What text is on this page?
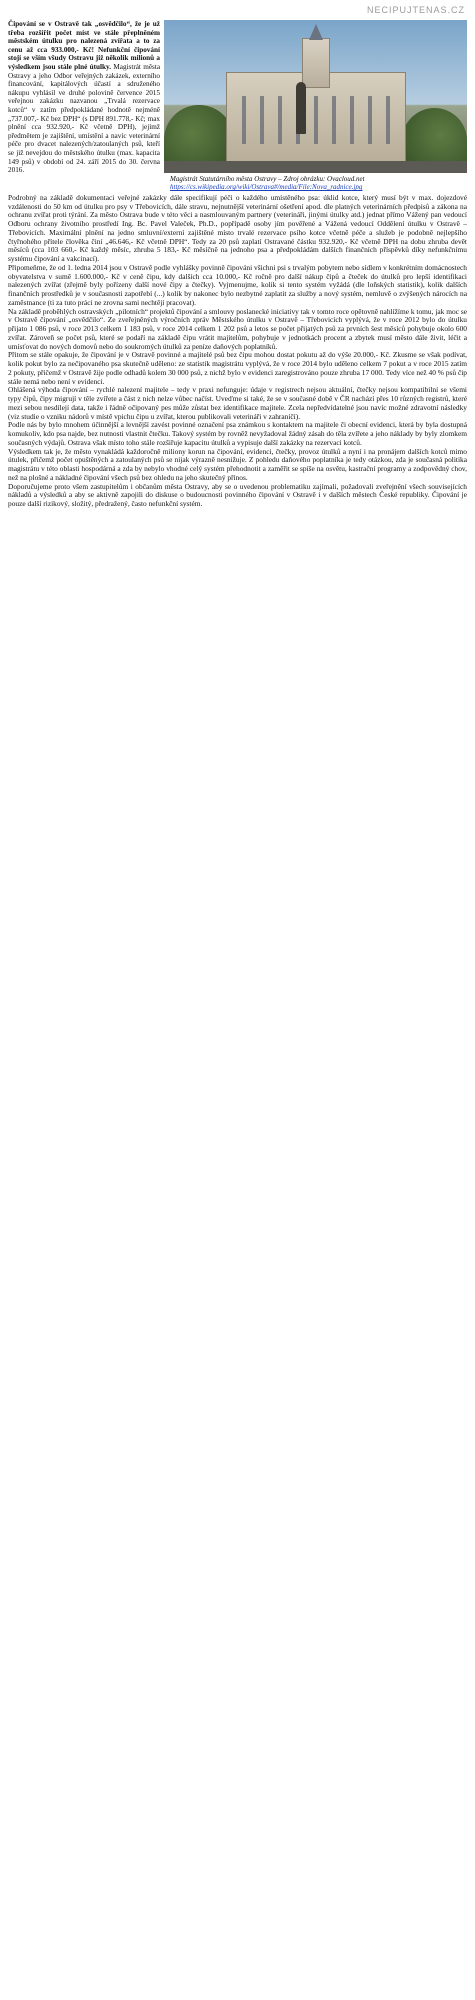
NECIPUJTENAS.CZ
Čipování se v Ostravě tak „osvědčilo“, že je už třeba rozšířit počet míst ve stále přeplněném městském útulku pro nalezená zvířata a to za cenu až cca 933.000,- Kč! Nefunkční čipování stojí se vším všudy Ostravu již několik milionů a výsledkem jsou stále plné útulky. Magistrát města Ostravy a jeho Odbor veřejných zakázek, externího financování, kapitálových účastí a sdruženého nákupu vyhlásil ve druhé polovině července 2015 veřejnou zakázku nazvanou „Trvalá rezervace kotců“ v zatím předpokládané hodnotě nejméně „737.007,- Kč bez DPH“ (s DPH 891.778,- Kč; max plnění cca 932.920,- Kč včetně DPH), jejímž předmětem je zajištění, umístění a navíc veterinární péče pro dvacet nalezených/zatoulaných psů, kteří se již nevejdou do městského útulku (max. kapacita 149 psů) v období od 24. září 2015 do 30. června 2016.
Magistrát Statutárního města Ostravy – Zdroj obrázku: Ovacloud.net
https://cs.wikipedia.org/wiki/Ostrava#/media/File:Nova_radnice.jpg

Podrobný na základě dokumentaci veřejné zakázky dále specifikují péči o každého umístěného psa: úklid kotce, který musí být v max. dojezdové vzdálenosti do 50 km od útulku pro psy v Třebovicích, dále stravu, nejnutnější veterinární ošetření apod. dle platných veterinárních předpisů a zákona na ochranu zvířat proti týrání. Za město Ostrava bude v této věci a nasmlouvaným partnery (veterináři, jinými útulky atd.) jednat přímo Vážený pan vedoucí Odboru ochrany životního prostředí Ing. Bc. Pavel Valeček, Ph.D., popřípadě osoby jím pověřené a Vážená vedoucí Oddělení útulku v Ostravě – Třebovicích. Maximální plnění na jedno smluvní/externí zajištěné místo trvalé rezervace psího kotce včetně péče a služeb je podobně nejlepšího čtyřnohého přítele člověka činí „46.646,- Kč včetně DPH“. Tedy za 20 psů zaplatí Ostravané částku 932.920,- Kč včetně DPH na dobu zhruba devět měsíců (cca 103 660,- Kč každý měsíc, zhruba 5 183,- Kč měsíčně na jednoho psa a předpokládám dalších finančních příspěvků díky nefunkčnímu systému čipování a vakcinací).

Připomeňme, že od 1. ledna 2014 jsou v Ostravě podle vyhlášky povinně čipováni všichni psi s trvalým pobytem nebo sídlem v konkrétním domácnostech obyvatelstva v sumě 1.600.000,- Kč v ceně čipu, kdy dalších cca 10.000,- Kč ročně pro další nákup čipů a čteček do útulků pro lepší identifikaci nalezených zvířat (zřejmě byly pořízeny další nové čipy a čtečky). Vyjmenujme, kolik si tento systém vyžádá (dle loňských statistik), kolik dalších finančních prostředků je v současnosti zapotřebí (...) kolik by nakonec bylo nezbytné zaplatit za služby a nový systém, nemluvě o zvýšených nárocích na zaměstnance (ti za tuto práci ne zrovna sami nechtějí pracovat).

Na základě proběhlých ostravských „pilotních“ projektů čipování a smlouvy poslanecké iniciativy tak v tomto roce opětovně nahlížíme k tomu, jak moc se v Ostravě čipování „osvědčilo“. Ze zveřejněných výročních zpráv Městského útulku v Ostravě – Třebovicích vyplývá, že v roce 2012 bylo do útulku přijato 1 086 psů, v roce 2013 celkem 1 183 psů, v roce 2014 celkem 1 202 psů a letos se počet přijatých psů za prvních šest měsíců pohybuje okolo 600 zvířat. Zároveň se počet psů, které se podaří na základě čipu vrátit majitelům, pohybuje v jednotkách procent a zbytek musí město dále živit, léčit a umísťovat do nových domovů nebo do soukromých útulků za peníze daňových poplatníků.

Přitom se stále opakuje, že čipování je v Ostravě povinné a majitelé psů bez čipu mohou dostat pokutu až do výše 20.000,- Kč. Zkusme se však podívat, kolik pokut bylo za nečipovaného psa skutečně uděleno: ze statistik magistrátu vyplývá, že v roce 2014 bylo uděleno celkem 7 pokut a v roce 2015 zatím 2 pokuty, přičemž v Ostravě žije podle odhadů kolem 30 000 psů, z nichž bylo v evidenci zaregistrováno pouze zhruba 17 000. Tedy více než 40 % psů čip stále nemá nebo není v evidenci.

Ohlášená výhoda čipování – rychlé nalezení majitele – tedy v praxi nefunguje: údaje v registrech nejsou aktuální, čtečky nejsou kompatibilní se všemi typy čipů, čipy migrují v těle zvířete a část z nich nelze vůbec načíst. Uveďme si také, že se v současné době v ČR nachází přes 10 různých registrů, které mezi sebou nesdílejí data, takže i řádně očipovaný pes může zůstat bez identifikace majitele. Zcela nepředvídatelné jsou navíc možné zdravotní následky (viz studie o vzniku nádorů v místě vpichu čipu u zvířat, kterou publikovali veterináři v zahraničí).

Podle nás by bylo mnohem účinnější a levnější zavést povinné označení psa známkou s kontaktem na majitele či obecní evidenci, která by byla dostupná komukoliv, kdo psa najde, bez nutnosti vlastnit čtečku. Takový systém by rovněž nevyžadoval žádný zásah do těla zvířete a jeho náklady by byly zlomkem současných výdajů. Ostrava však místo toho stále rozšiřuje kapacitu útulků a vypisuje další zakázky na rezervaci kotců.

Výsledkem tak je, že město vynakládá každoročně miliony korun na čipování, evidenci, čtečky, provoz útulků a nyní i na pronájem dalších kotců mimo útulek, přičemž počet opuštěných a zatoulaných psů se nijak výrazně nesnižuje. Z pohledu daňového poplatníka je tedy otázkou, zda je současná politika magistrátu v této oblasti hospodárná a zda by nebylo vhodné celý systém přehodnotit a zaměřit se spíše na osvětu, kastrační programy a zodpovědný chov, než na plošné a nákladné čipování všech psů bez ohledu na jeho skutečný přínos.

Doporučujeme proto všem zastupitelům i občanům města Ostravy, aby se o uvedenou problematiku zajímali, požadovali zveřejnění všech souvisejících nákladů a výsledků a aby se aktivně zapojili do diskuse o budoucnosti povinného čipování v Ostravě i v dalších městech České republiky. Čipování je pouze další rizikový, složitý, předražený, často nefunkční systém.
